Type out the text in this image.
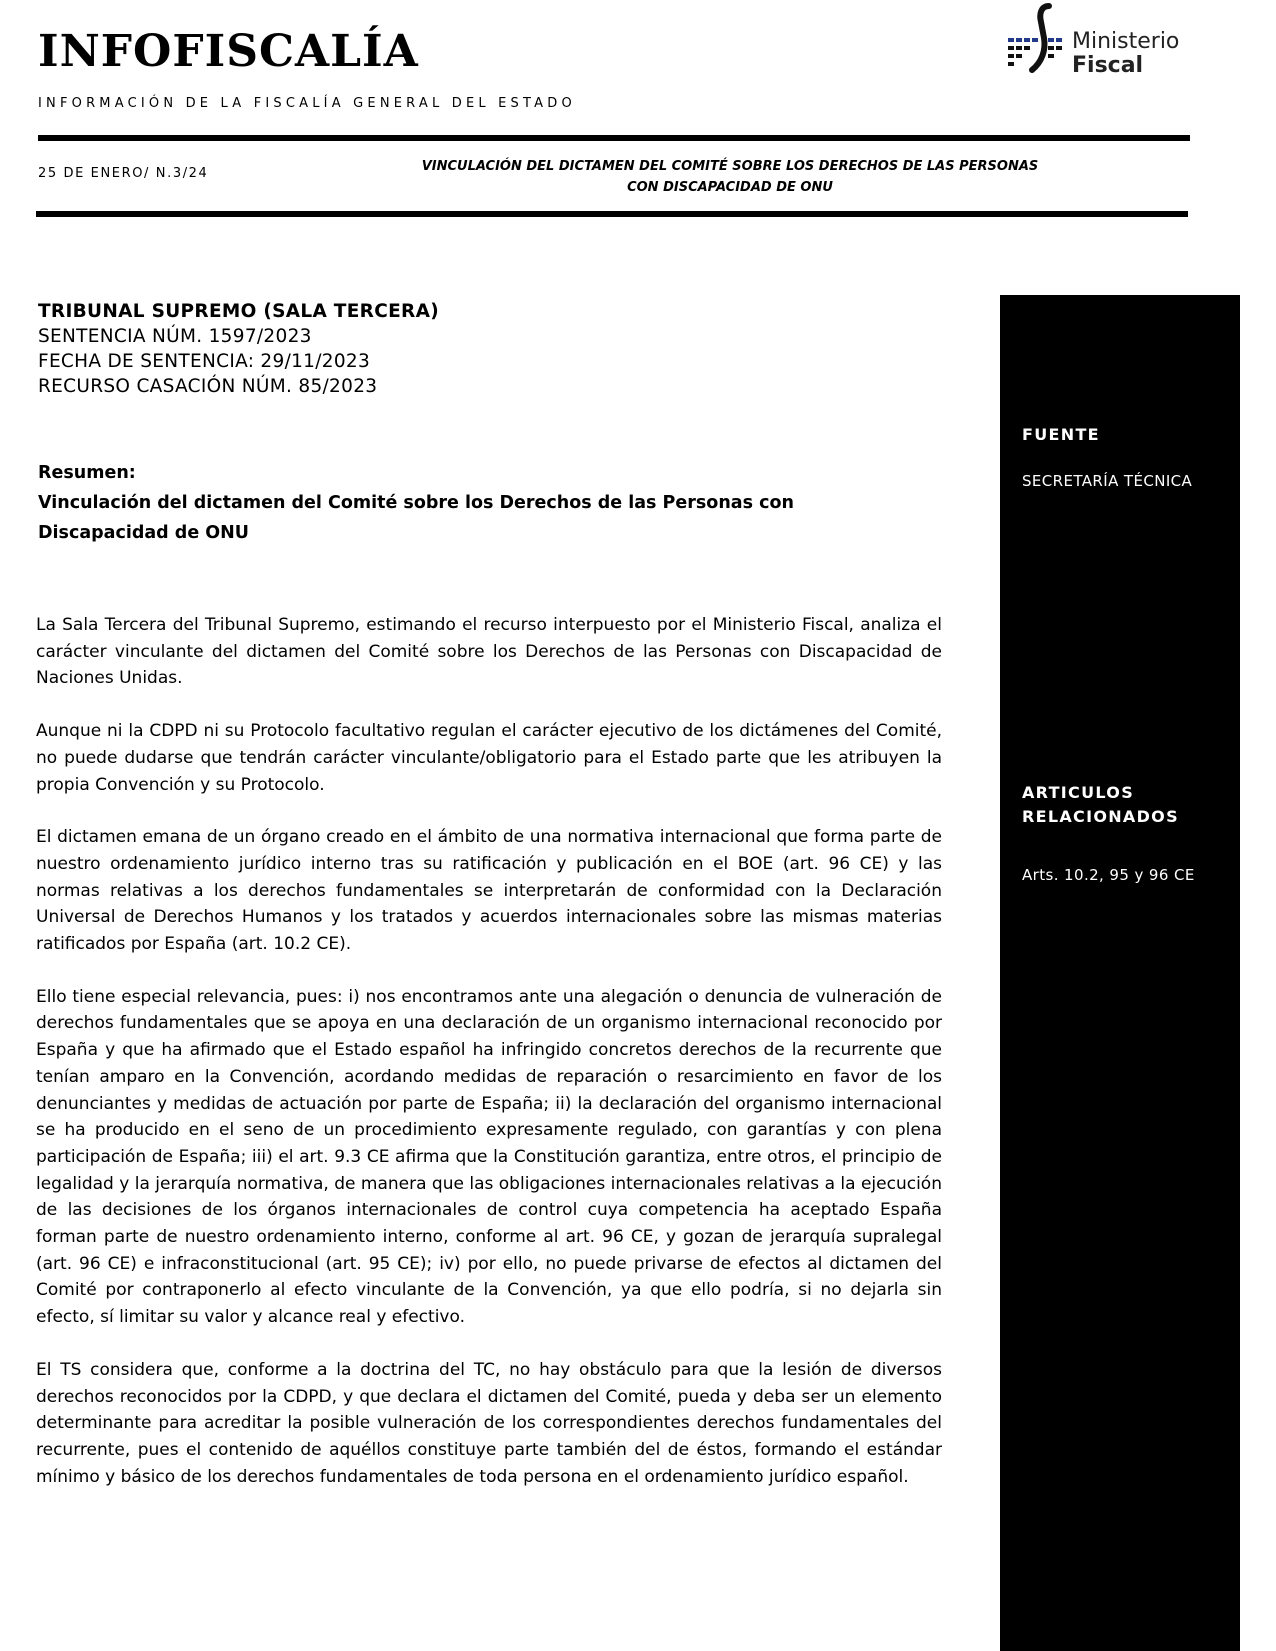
INFOFISCALÍA
INFORMACIÓN DE LA FISCALÍA GENERAL DEL ESTADO
Ministerio
Fiscal
25 DE ENERO/ N.3/24	VINCULACIÓN DEL DICTAMEN DEL COMITÉ SOBRE LOS DERECHOS DE LAS PERSONAS
CON DISCAPACIDAD DE ONU
TRIBUNAL SUPREMO (SALA TERCERA)
SENTENCIA NÚM. 1597/2023
FECHA DE SENTENCIA: 29/11/2023
RECURSO CASACIÓN NÚM. 85/2023
Resumen:
Vinculación del dictamen del Comité sobre los Derechos de las Personas con Discapacidad de ONU

La Sala Tercera del Tribunal Supremo, estimando el recurso interpuesto por el Ministerio Fiscal, analiza el carácter vinculante del dictamen del Comité sobre los Derechos de las Personas con Discapacidad de Naciones Unidas.

Aunque ni la CDPD ni su Protocolo facultativo regulan el carácter ejecutivo de los dictámenes del Comité, no puede dudarse que tendrán carácter vinculante/obligatorio para el Estado parte que les atribuyen la propia Convención y su Protocolo.

El dictamen emana de un órgano creado en el ámbito de una normativa internacional que forma parte de nuestro ordenamiento jurídico interno tras su ratificación y publicación en el BOE (art. 96 CE) y las normas relativas a los derechos fundamentales se interpretarán de conformidad con la Declaración Universal de Derechos Humanos y los tratados y acuerdos internacionales sobre las mismas materias ratificados por España (art. 10.2 CE).

Ello tiene especial relevancia, pues: i) nos encontramos ante una alegación o denuncia de vulneración de derechos fundamentales que se apoya en una declaración de un organismo internacional reconocido por España y que ha afirmado que el Estado español ha infringido concretos derechos de la recurrente que tenían amparo en la Convención, acordando medidas de reparación o resarcimiento en favor de los denunciantes y medidas de actuación por parte de España; ii) la declaración del organismo internacional se ha producido en el seno de un procedimiento expresamente regulado, con garantías y con plena participación de España; iii) el art. 9.3 CE afirma que la Constitución garantiza, entre otros, el principio de legalidad y la jerarquía normativa, de manera que las obligaciones internacionales relativas a la ejecución de las decisiones de los órganos internacionales de control cuya competencia ha aceptado España forman parte de nuestro ordenamiento interno, conforme al art. 96 CE, y gozan de jerarquía supralegal (art. 96 CE) e infraconstitucional (art. 95 CE); iv) por ello, no puede privarse de efectos al dictamen del Comité por contraponerlo al efecto vinculante de la Convención, ya que ello podría, si no dejarla sin efecto, sí limitar su valor y alcance real y efectivo.

El TS considera que, conforme a la doctrina del TC, no hay obstáculo para que la lesión de diversos derechos reconocidos por la CDPD, y que declara el dictamen del Comité, pueda y deba ser un elemento determinante para acreditar la posible vulneración de los correspondientes derechos fundamentales del recurrente, pues el contenido de aquéllos constituye parte también del de éstos, formando el estándar mínimo y básico de los derechos fundamentales de toda persona en el ordenamiento jurídico español.

FUENTE
SECRETARÍA TÉCNICA
ARTICULOS RELACIONADOS
Arts. 10.2, 95 y 96 CE
